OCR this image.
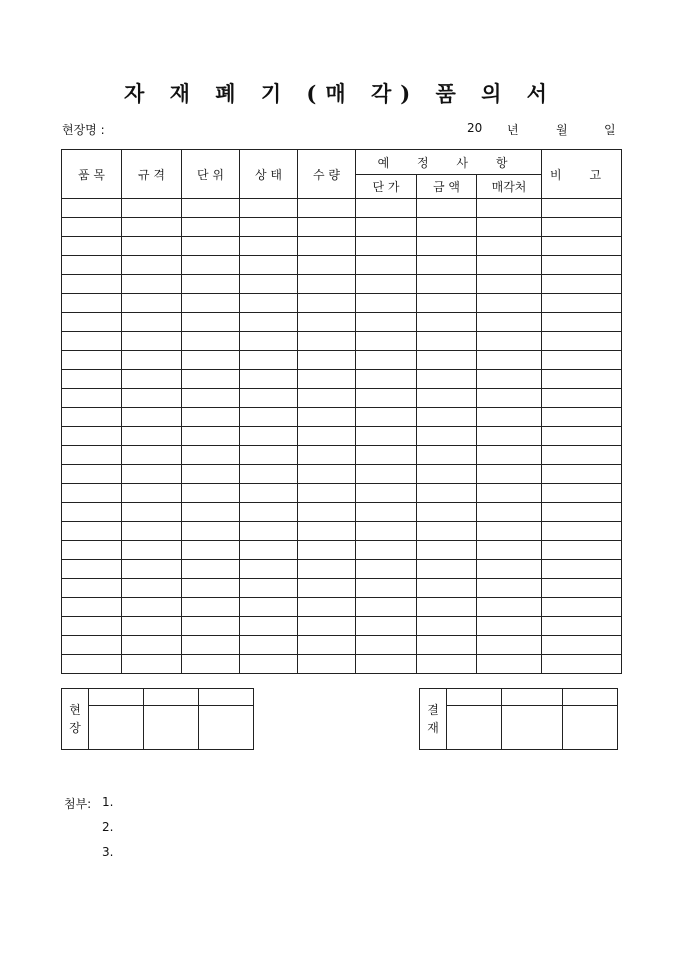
자 재 폐 기 (매 각) 품 의 서
현장명 :	20 년	월	일
품 목	규 격	단 위	상 태	수 량	예 정 사 항			비 고
					단 가	금 액	매각처	

현
장			

결
재			

첨부: 1.
2.
3.
